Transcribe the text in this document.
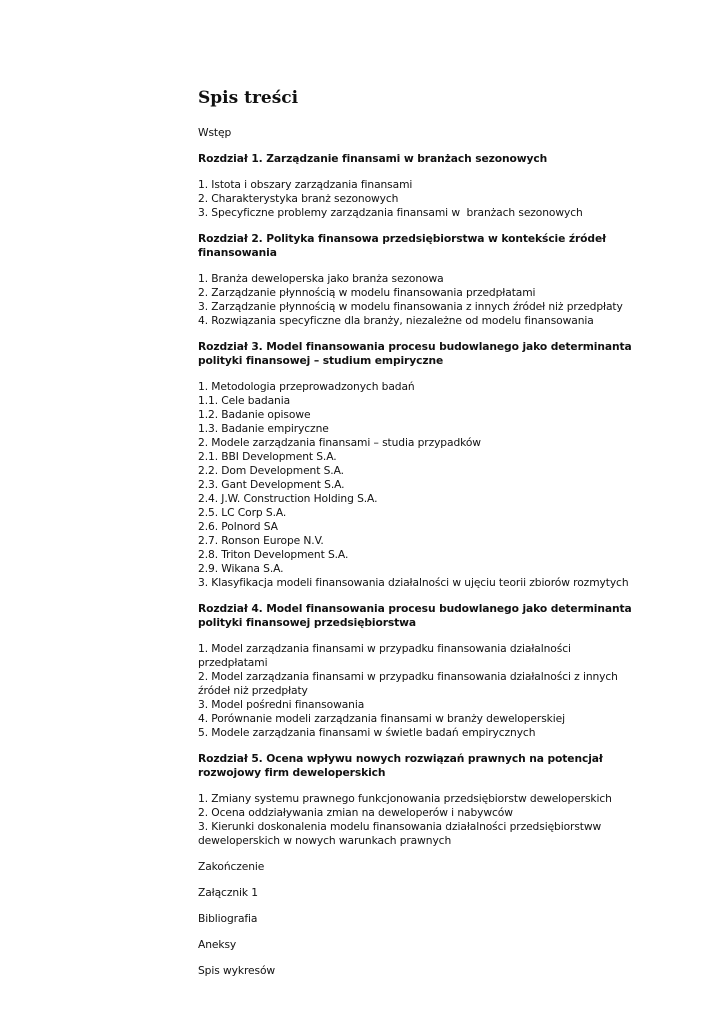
Spis treści
Wstęp
Rozdział 1. Zarządzanie finansami w branżach sezonowych
1. Istota i obszary zarządzania finansami
2. Charakterystyka branż sezonowych
3. Specyficzne problemy zarządzania finansami w  branżach sezonowych
Rozdział 2. Polityka finansowa przedsiębiorstwa w kontekście źródeł
finansowania
1. Branża deweloperska jako branża sezonowa
2. Zarządzanie płynnością w modelu finansowania przedpłatami
3. Zarządzanie płynnością w modelu finansowania z innych źródeł niż przedpłaty
4. Rozwiązania specyficzne dla branży, niezależne od modelu finansowania
Rozdział 3. Model finansowania procesu budowlanego jako determinanta
polityki finansowej – studium empiryczne
1. Metodologia przeprowadzonych badań
1.1. Cele badania
1.2. Badanie opisowe
1.3. Badanie empiryczne
2. Modele zarządzania finansami – studia przypadków
2.1. BBI Development S.A.
2.2. Dom Development S.A.
2.3. Gant Development S.A.
2.4. J.W. Construction Holding S.A.
2.5. LC Corp S.A.
2.6. Polnord SA
2.7. Ronson Europe N.V.
2.8. Triton Development S.A.
2.9. Wikana S.A.
3. Klasyfikacja modeli finansowania działalności w ujęciu teorii zbiorów rozmytych
Rozdział 4. Model finansowania procesu budowlanego jako determinanta
polityki finansowej przedsiębiorstwa
1. Model zarządzania finansami w przypadku finansowania działalności przedpłatami
2. Model zarządzania finansami w przypadku finansowania działalności z innych
źródeł niż przedpłaty
3. Model pośredni finansowania
4. Porównanie modeli zarządzania finansami w branży deweloperskiej
5. Modele zarządzania finansami w świetle badań empirycznych
Rozdział 5. Ocena wpływu nowych rozwiązań prawnych na potencjał
rozwojowy firm deweloperskich
1. Zmiany systemu prawnego funkcjonowania przedsiębiorstw deweloperskich
2. Ocena oddziaływania zmian na deweloperów i nabywców
3. Kierunki doskonalenia modelu finansowania działalności przedsiębiorstww
deweloperskich w nowych warunkach prawnych
Zakończenie
Załącznik 1
Bibliografia
Aneksy
Spis wykresów
